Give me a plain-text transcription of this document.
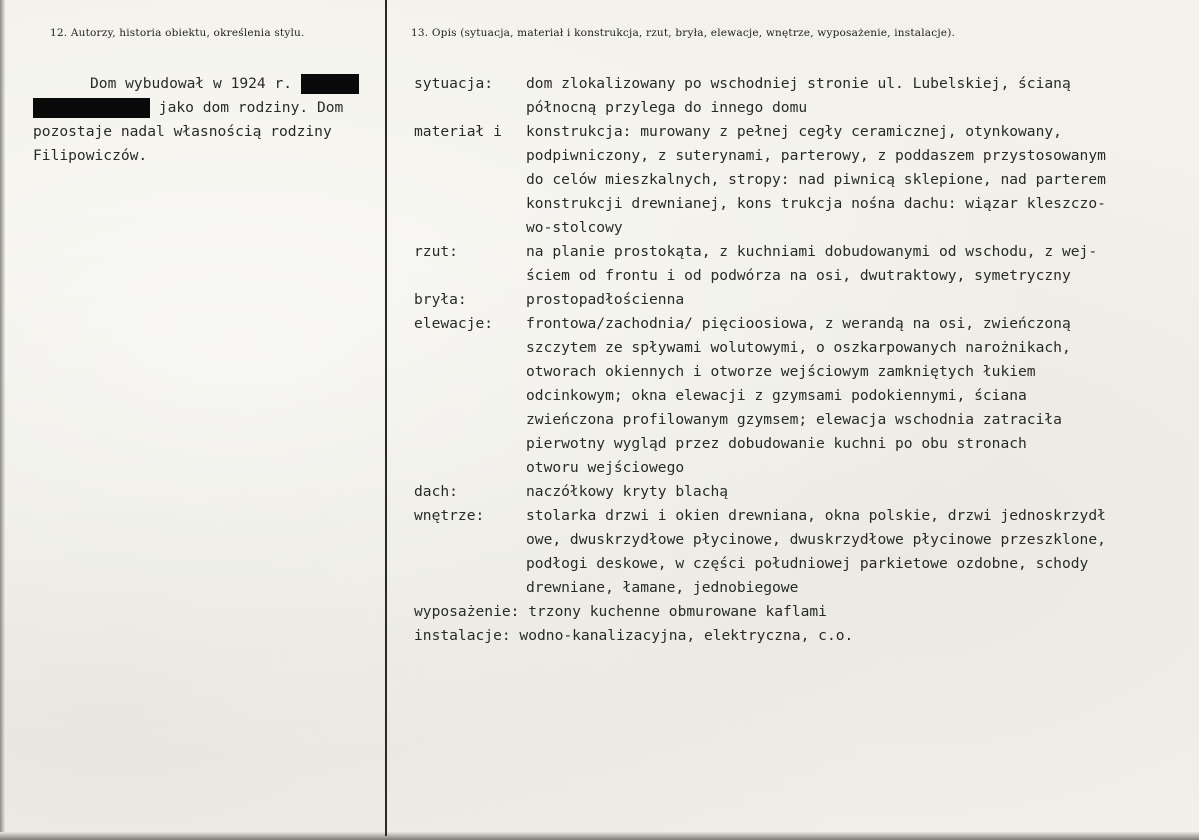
12. Autorzy, historia obiektu, określenia stylu.	13. Opis (sytuacja, materiał i konstrukcja, rzut, bryła, elewacje, wnętrze, wyposażenie, instalacje).
Dom wybudował w 1924 r.
jako dom rodziny. Dom
pozostaje nadal własnością rodziny
Filipowiczów.
sytuacja: dom zlokalizowany po wschodniej stronie ul. Lubelskiej, ścianą
północną przylega do innego domu
materiał i konstrukcja: murowany z pełnej cegły ceramicznej, otynkowany,
podpiwniczony, z suterynami, parterowy, z poddaszem przystosowanym
do celów mieszkalnych, stropy: nad piwnicą sklepione, nad parterem
konstrukcji drewnianej, kons trukcja nośna dachu: wiązar kleszczo-
wo-stolcowy
rzut:	na planie prostokąta, z kuchniami dobudowanymi od wschodu, z wej-
ściem od frontu i od podwórza na osi, dwutraktowy, symetryczny
bryła:	prostopadłościenna
elewacje: frontowa/zachodnia/ pięcioosiowa, z werandą na osi, zwieńczoną
szczytem ze spływami wolutowymi, o oszkarpowanych narożnikach,
otworach okiennych i otworze wejściowym zamkniętych łukiem
odcinkowym; okna elewacji z gzymsami podokiennymi, ściana
zwieńczona profilowanym gzymsem; elewacja wschodnia zatraciła
pierwotny wygląd przez dobudowanie kuchni po obu stronach
otworu wejściowego
dach:	naczółkowy kryty blachą
wnętrze:	stolarka drzwi i okien drewniana, okna polskie, drzwi jednoskrzydł
owe, dwuskrzydłowe płycinowe, dwuskrzydłowe płycinowe przeszklone,
podłogi deskowe, w części południowej parkietowe ozdobne, schody
drewniane, łamane, jednobiegowe
wyposażenie: trzony kuchenne obmurowane kaflami
instalacje: wodno-kanalizacyjna, elektryczna, c.o.
